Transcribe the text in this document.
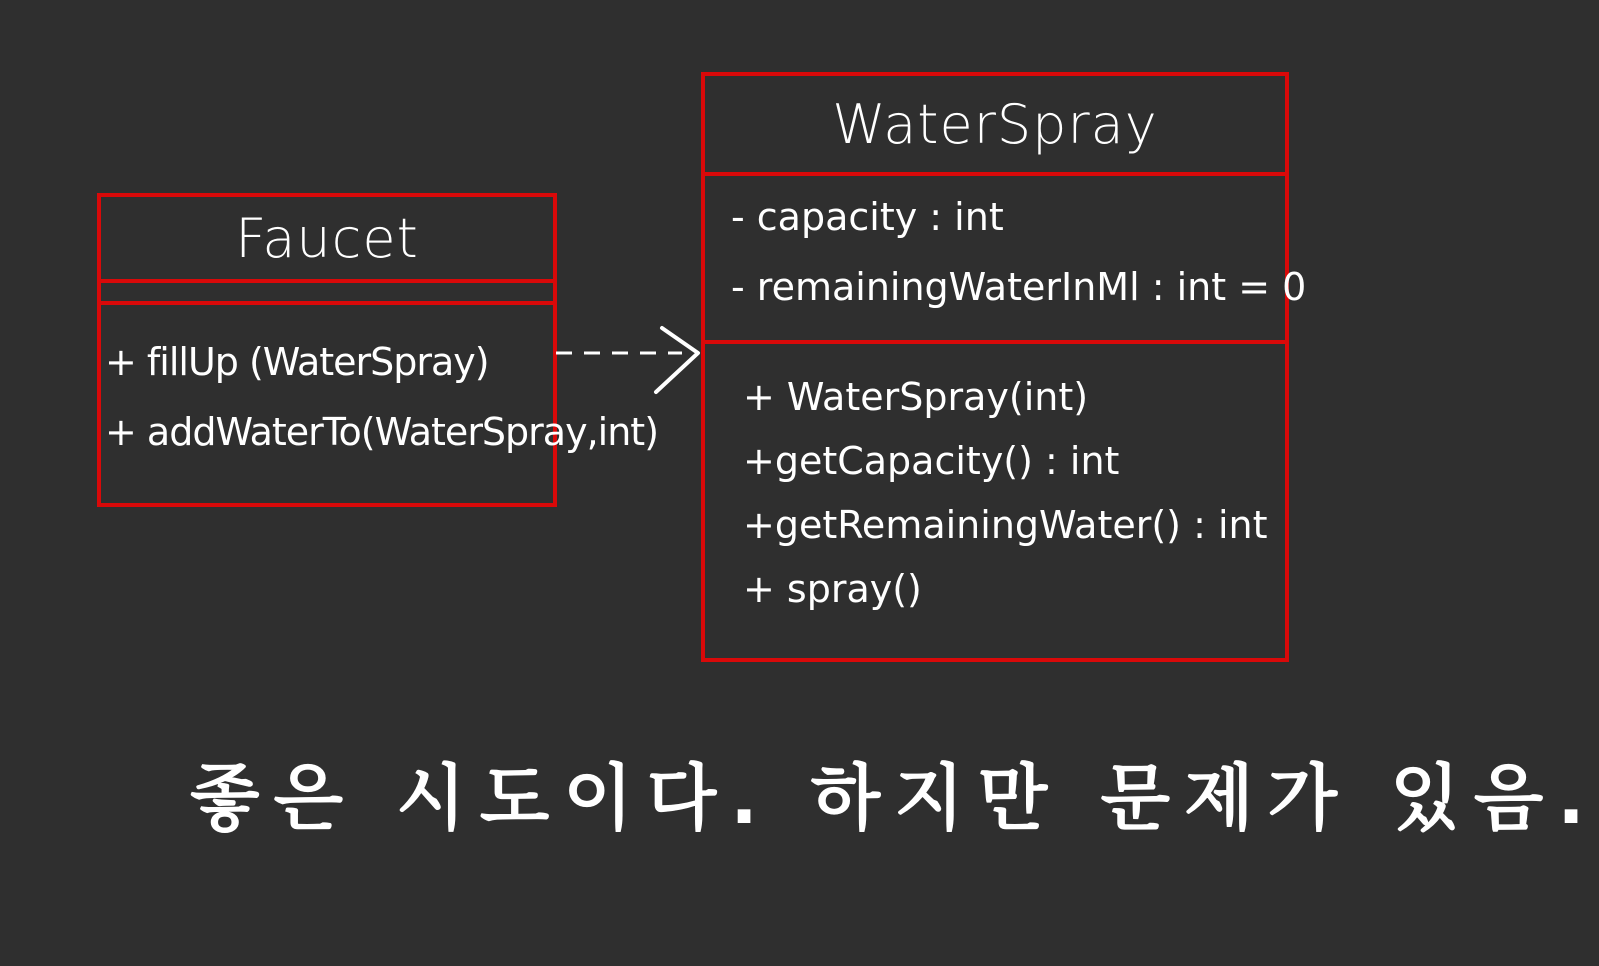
Faucet
+ fillUp (WaterSpray)
+ addWaterTo(WaterSpray,int)
WaterSpray
- capacity : int
- remainingWaterInMl : int = 0
+ WaterSpray(int)
+getCapacity() : int
+getRemainingWater() : int
+ spray()
좋은 시도이다. 하지만 문제가 있음.
